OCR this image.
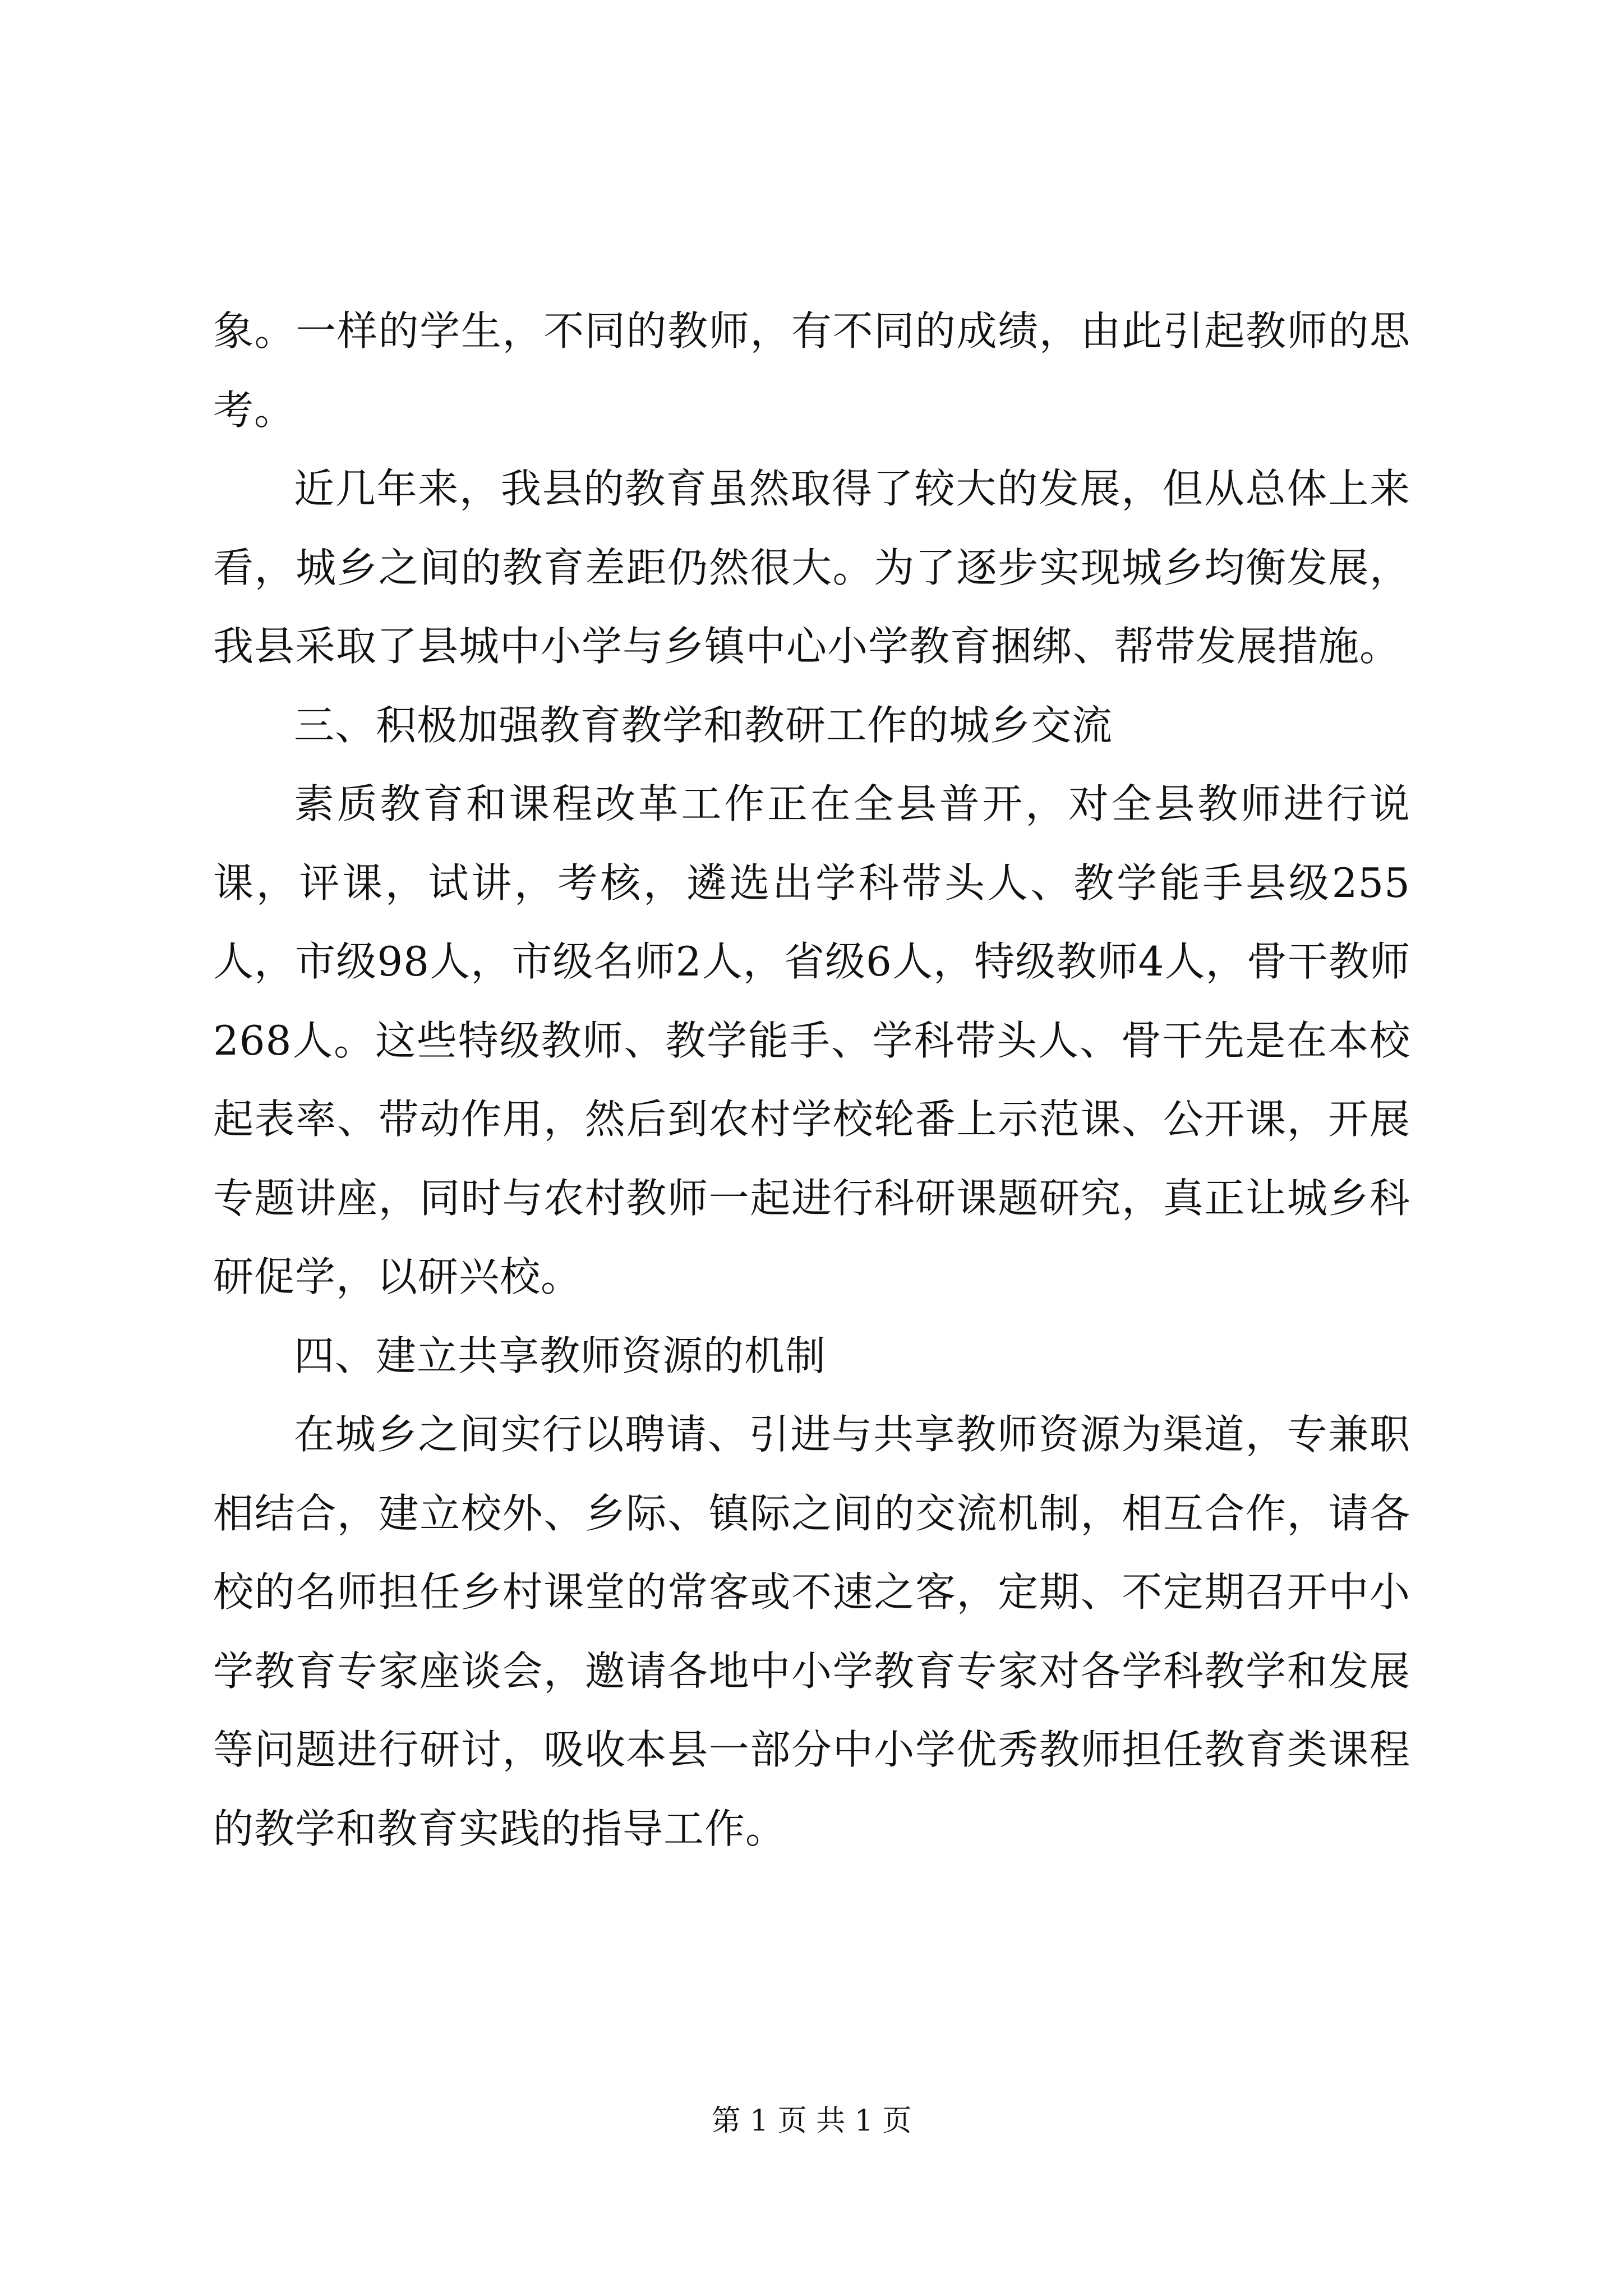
象。一样的学生，不同的教师，有不同的成绩，由此引起教师的思考。

近几年来，我县的教育虽然取得了较大的发展，但从总体上来看，城乡之间的教育差距仍然很大。为了逐步实现城乡均衡发展，我县采取了县城中小学与乡镇中心小学教育捆绑、帮带发展措施。

三、积极加强教育教学和教研工作的城乡交流

素质教育和课程改革工作正在全县普开，对全县教师进行说课，评课，试讲，考核，遴选出学科带头人、教学能手县级255人，市级98人，市级名师2人，省级6人，特级教师4人，骨干教师268人。这些特级教师、教学能手、学科带头人、骨干先是在本校起表率、带动作用，然后到农村学校轮番上示范课、公开课，开展专题讲座，同时与农村教师一起进行科研课题研究，真正让城乡科研促学，以研兴校。

四、建立共享教师资源的机制

在城乡之间实行以聘请、引进与共享教师资源为渠道，专兼职相结合，建立校外、乡际、镇际之间的交流机制，相互合作，请各校的名师担任乡村课堂的常客或不速之客，定期、不定期召开中小学教育专家座谈会，邀请各地中小学教育专家对各学科教学和发展等问题进行研讨，吸收本县一部分中小学优秀教师担任教育类课程的教学和教育实践的指导工作。

第 1 页 共 1 页
